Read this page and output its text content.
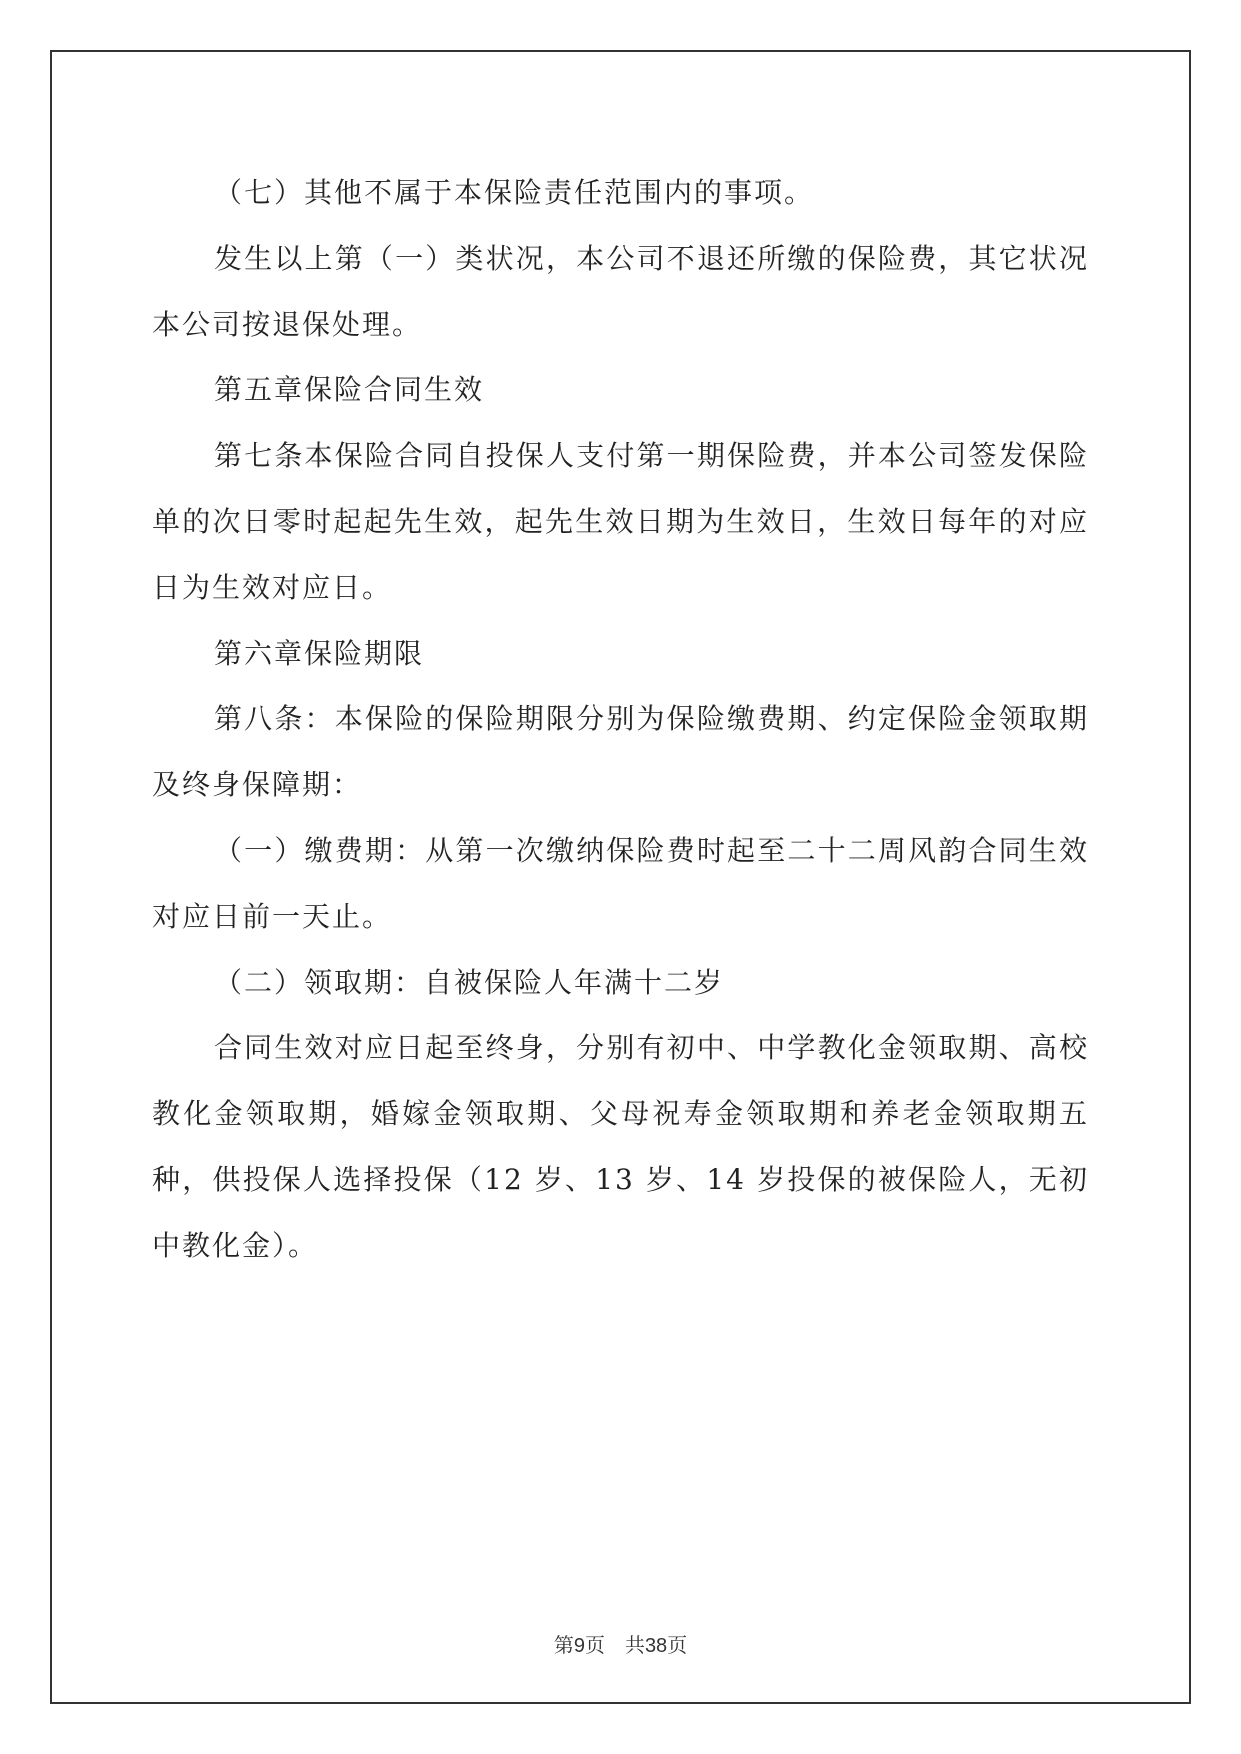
（七）其他不属于本保险责任范围内的事项。

发生以上第（一）类状况，本公司不退还所缴的保险费，其它状况本公司按退保处理。

第五章保险合同生效

第七条本保险合同自投保人支付第一期保险费，并本公司签发保险单的次日零时起起先生效，起先生效日期为生效日，生效日每年的对应日为生效对应日。

第六章保险期限

第八条：本保险的保险期限分别为保险缴费期、约定保险金领取期及终身保障期：

（一）缴费期：从第一次缴纳保险费时起至二十二周风韵合同生效对应日前一天止。

（二）领取期：自被保险人年满十二岁

合同生效对应日起至终身，分别有初中、中学教化金领取期、高校教化金领取期，婚嫁金领取期、父母祝寿金领取期和养老金领取期五种，供投保人选择投保（12 岁、13 岁、14 岁投保的被保险人，无初中教化金）。

第9页　共38页
